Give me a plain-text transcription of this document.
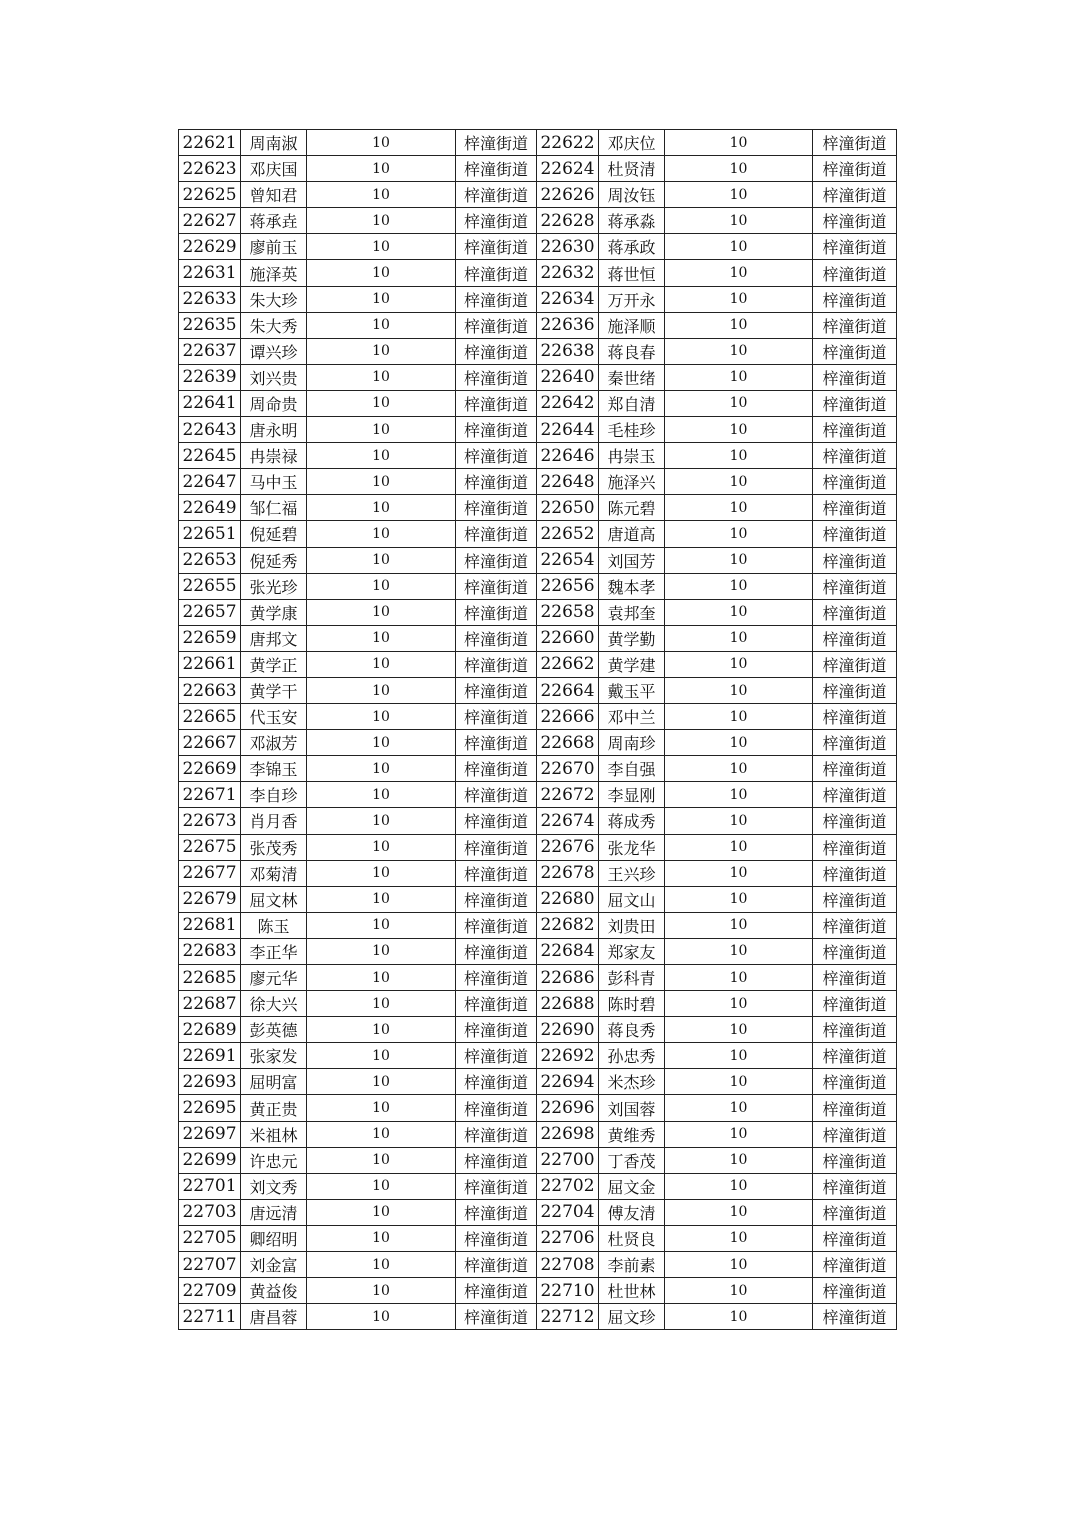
22621	周南淑	10	梓潼街道	22622	邓庆位	10	梓潼街道
22623	邓庆国	10	梓潼街道	22624	杜贤清	10	梓潼街道
22625	曾知君	10	梓潼街道	22626	周汝钰	10	梓潼街道
22627	蒋承垚	10	梓潼街道	22628	蒋承淼	10	梓潼街道
22629	廖前玉	10	梓潼街道	22630	蒋承政	10	梓潼街道
22631	施泽英	10	梓潼街道	22632	蒋世恒	10	梓潼街道
22633	朱大珍	10	梓潼街道	22634	万开永	10	梓潼街道
22635	朱大秀	10	梓潼街道	22636	施泽顺	10	梓潼街道
22637	谭兴珍	10	梓潼街道	22638	蒋良春	10	梓潼街道
22639	刘兴贵	10	梓潼街道	22640	秦世绪	10	梓潼街道
22641	周命贵	10	梓潼街道	22642	郑自清	10	梓潼街道
22643	唐永明	10	梓潼街道	22644	毛桂珍	10	梓潼街道
22645	冉崇禄	10	梓潼街道	22646	冉崇玉	10	梓潼街道
22647	马中玉	10	梓潼街道	22648	施泽兴	10	梓潼街道
22649	邹仁福	10	梓潼街道	22650	陈元碧	10	梓潼街道
22651	倪延碧	10	梓潼街道	22652	唐道高	10	梓潼街道
22653	倪延秀	10	梓潼街道	22654	刘国芳	10	梓潼街道
22655	张光珍	10	梓潼街道	22656	魏本孝	10	梓潼街道
22657	黄学康	10	梓潼街道	22658	袁邦奎	10	梓潼街道
22659	唐邦文	10	梓潼街道	22660	黄学勤	10	梓潼街道
22661	黄学正	10	梓潼街道	22662	黄学建	10	梓潼街道
22663	黄学干	10	梓潼街道	22664	戴玉平	10	梓潼街道
22665	代玉安	10	梓潼街道	22666	邓中兰	10	梓潼街道
22667	邓淑芳	10	梓潼街道	22668	周南珍	10	梓潼街道
22669	李锦玉	10	梓潼街道	22670	李自强	10	梓潼街道
22671	李自珍	10	梓潼街道	22672	李显刚	10	梓潼街道
22673	肖月香	10	梓潼街道	22674	蒋成秀	10	梓潼街道
22675	张茂秀	10	梓潼街道	22676	张龙华	10	梓潼街道
22677	邓菊清	10	梓潼街道	22678	王兴珍	10	梓潼街道
22679	屈文林	10	梓潼街道	22680	屈文山	10	梓潼街道
22681	陈玉	10	梓潼街道	22682	刘贵田	10	梓潼街道
22683	李正华	10	梓潼街道	22684	郑家友	10	梓潼街道
22685	廖元华	10	梓潼街道	22686	彭科青	10	梓潼街道
22687	徐大兴	10	梓潼街道	22688	陈时碧	10	梓潼街道
22689	彭英德	10	梓潼街道	22690	蒋良秀	10	梓潼街道
22691	张家发	10	梓潼街道	22692	孙忠秀	10	梓潼街道
22693	屈明富	10	梓潼街道	22694	米杰珍	10	梓潼街道
22695	黄正贵	10	梓潼街道	22696	刘国蓉	10	梓潼街道
22697	米祖林	10	梓潼街道	22698	黄维秀	10	梓潼街道
22699	许忠元	10	梓潼街道	22700	丁香茂	10	梓潼街道
22701	刘文秀	10	梓潼街道	22702	屈文金	10	梓潼街道
22703	唐远清	10	梓潼街道	22704	傅友清	10	梓潼街道
22705	卿绍明	10	梓潼街道	22706	杜贤良	10	梓潼街道
22707	刘金富	10	梓潼街道	22708	李前素	10	梓潼街道
22709	黄益俊	10	梓潼街道	22710	杜世林	10	梓潼街道
22711	唐昌蓉	10	梓潼街道	22712	屈文珍	10	梓潼街道
